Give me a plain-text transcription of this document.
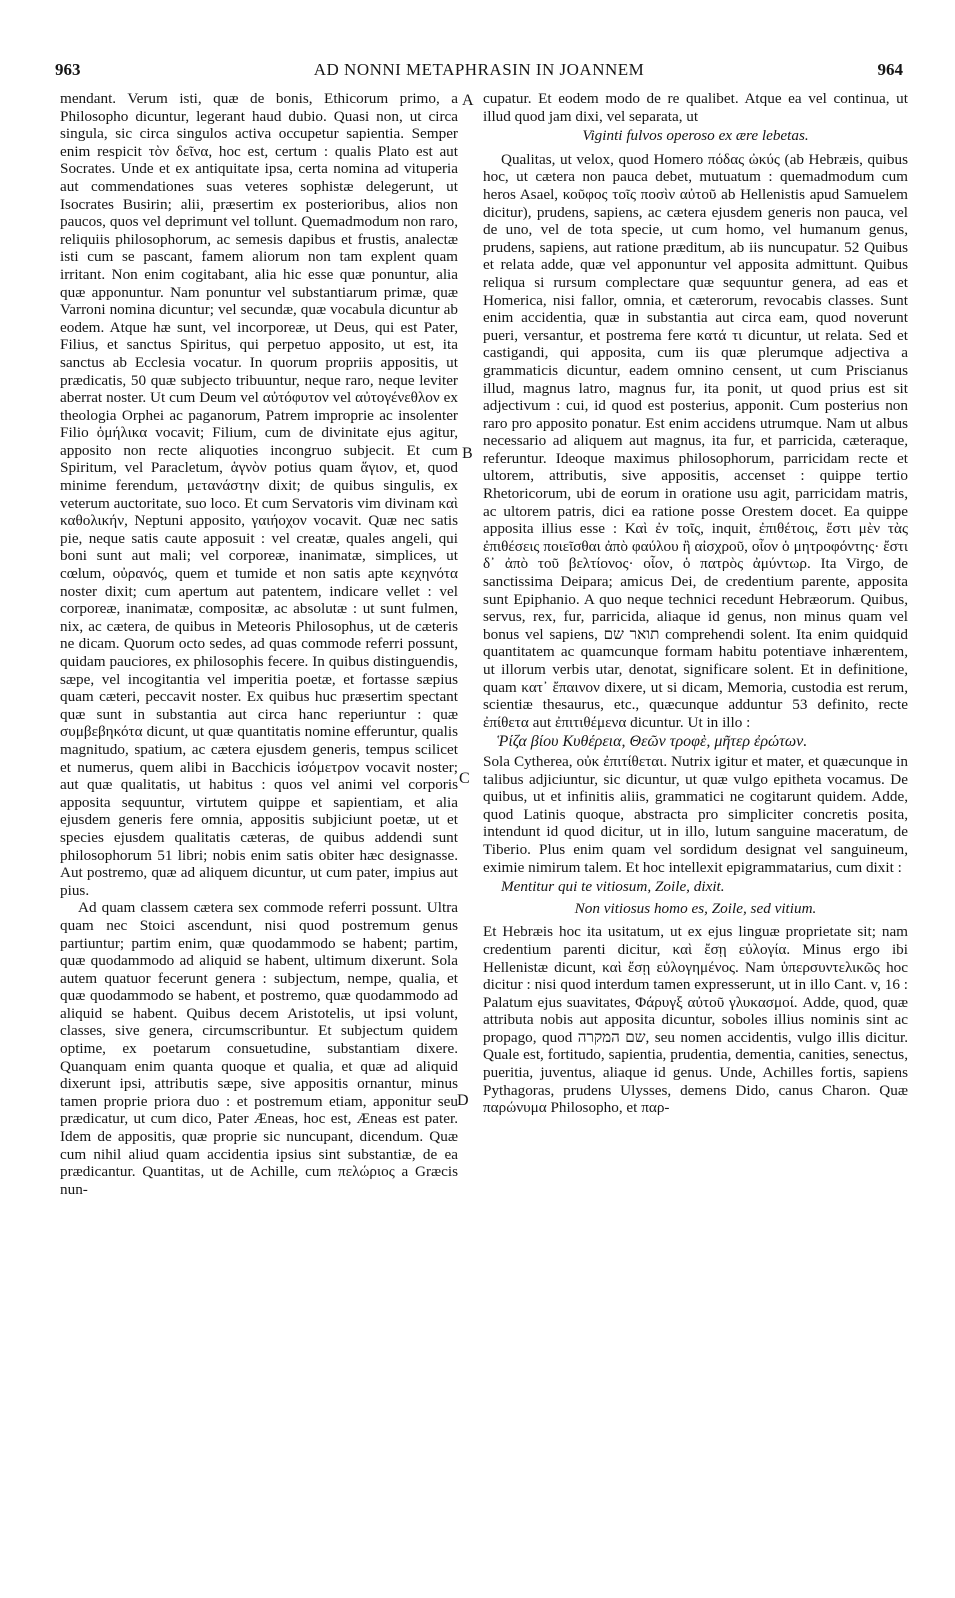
963	AD NONNI METAPHRASIN IN JOANNEM	964

mendant. Verum isti, quæ de bonis, Ethicorum primo, a Philosopho dicuntur, legerant haud dubio. Quasi non, ut circa singula, sic circa singulos activa occupetur sapientia. Semper enim respicit τὸν δεῖνα, hoc est, certum : qualis Plato est aut Socrates. Unde et ex antiquitate ipsa, certa nomina ad vituperia aut commendationes suas veteres sophistæ delegerunt, ut Isocrates Busirin; alii, præsertim ex posterioribus, alios non paucos, quos vel deprimunt vel tollunt. Quemadmodum non raro, reliquiis philosophorum, ac semesis dapibus et frustis, analectæ isti cum se pascant, famem aliorum non tam explent quam irritant. Non enim cogitabant, alia hic esse quæ ponuntur, alia quæ apponuntur. Nam ponuntur vel substantiarum primæ, quæ Varroni nomina dicuntur; vel secundæ, quæ vocabula dicuntur ab eodem. Atque hæ sunt, vel incorporeæ, ut Deus, qui est Pater, Filius, et sanctus Spiritus, qui perpetuo apposito, ut est, ita sanctus ab Ecclesia vocatur. In quorum propriis appositis, ut prædicatis, 50 quæ subjecto tribuuntur, neque raro, neque leviter aberrat noster. Ut cum Deum vel αὐτόφυτον vel αὐτογένεθλον ex theologia Orphei ac paganorum, Patrem improprie ac insolenter Filio ὁμήλικα vocavit; Filium, cum de divinitate ejus agitur, apposito non recte aliquoties incongruo subjecit. Et cum Spiritum, vel Paracletum, ἁγνὸν potius quam ἅγιον, et, quod minime ferendum, μετανάστην dixit; de quibus singulis, ex veterum auctoritate, suo loco. Et cum Servatoris vim divinam καὶ καθολικήν, Neptuni apposito, γαιήοχον vocavit. Quæ nec satis pie, neque satis caute apposuit : vel creatæ, quales angeli, qui boni sunt aut mali; vel corporeæ, inanimatæ, simplices, ut cœlum, οὐρανός, quem et tumide et non satis apte κεχηνότα noster dixit; cum apertum aut patentem, indicare vellet : vel corporeæ, inanimatæ, compositæ, ac absolutæ : ut sunt fulmen, nix, ac cætera, de quibus in Meteoris Philosophus, ut de cæteris ne dicam. Quorum octo sedes, ad quas commode referri possunt, quidam pauciores, ex philosophis fecere. In quibus distinguendis, sæpe, vel incogitantia vel imperitia poetæ, et fortasse sæpius quam cæteri, peccavit noster. Ex quibus huc præsertim spectant quæ sunt in substantia aut circa hanc reperiuntur : quæ συμβεβηκότα dicunt, ut quæ quantitatis nomine efferuntur, qualis magnitudo, spatium, ac cætera ejusdem generis, tempus scilicet et numerus, quem alibi in Bacchicis ἰσόμετρον vocavit noster; aut quæ qualitatis, ut habitus : quos vel animi vel corporis apposita sequuntur, virtutem quippe et sapientiam, et alia ejusdem generis fere omnia, appositis subjiciunt poetæ, ut et species ejusdem qualitatis cæteras, de quibus addendi sunt philosophorum 51 libri; nobis enim satis obiter hæc designasse. Aut postremo, quæ ad aliquem dicuntur, ut cum pater, impius aut pius.

Ad quam classem cætera sex commode referri possunt. Ultra quam nec Stoici ascendunt, nisi quod postremum genus partiuntur; partim enim, quæ quodammodo se habent; partim, quæ quodammodo ad aliquid se habent, ultimum dixerunt. Sola autem quatuor fecerunt genera : subjectum, nempe, qualia, et quæ quodammodo se habent, et postremo, quæ quodammodo ad aliquid se habent. Quibus decem Aristotelis, ut ipsi volunt, classes, sive genera, circumscribuntur. Et subjectum quidem optime, ex poetarum consuetudine, substantiam dixere. Quanquam enim quanta quoque et qualia, et quæ ad aliquid dixerunt ipsi, attributis sæpe, sive appositis ornantur, minus tamen proprie priora duo : et postremum etiam, apponitur seu prædicatur, ut cum dico, Pater Æneas, hoc est, Æneas est pater. Idem de appositis, quæ proprie sic nuncupant, dicendum. Quæ cum nihil aliud quam accidentia ipsius sint substantiæ, de ea prædicantur. Quantitas, ut de Achille, cum πελώριος a Græcis nun-

A
B
C
D

cupatur. Et eodem modo de re qualibet. Atque ea vel continua, ut illud quod jam dixi, vel separata, ut

Viginti fulvos operoso ex ære lebetas.

Qualitas, ut velox, quod Homero πόδας ὠκύς (ab Hebræis, quibus hoc, ut cætera non pauca debet, mutuatum : quemadmodum cum heros Asael, κοῦφος τοῖς ποσὶν αὐτοῦ ab Hellenistis apud Samuelem dicitur), prudens, sapiens, ac cætera ejusdem generis non pauca, vel de uno, vel de tota specie, ut cum homo, vel humanum genus, prudens, sapiens, aut ratione præditum, ab iis nuncupatur. 52 Quibus et relata adde, quæ vel apponuntur vel apposita admittunt. Quibus reliqua si rursum complectare quæ sequuntur genera, ad eas et Homerica, nisi fallor, omnia, et cæterorum, revocabis classes. Sunt enim accidentia, quæ in substantia aut circa eam, quod noverunt pueri, versantur, et postrema fere κατά τι dicuntur, ut relata. Sed et castigandi, qui apposita, cum iis quæ plerumque adjectiva a grammaticis dicuntur, eadem omnino censent, ut cum Priscianus illud, magnus latro, magnus fur, ita ponit, ut quod prius est sit adjectivum : cui, id quod est posterius, apponit. Cum posterius non raro pro apposito ponatur. Est enim accidens utrumque. Nam ut albus necessario ad aliquem aut magnus, ita fur, et parricida, cæteraque, referuntur. Ideoque maximus philosophorum, parricidam recte et ultorem, attributis, sive appositis, accenset : quippe tertio Rhetoricorum, ubi de eorum in oratione usu agit, parricidam matris, ac ultorem patris, dici ea ratione posse Orestem docet. Ea quippe apposita illius esse : Καὶ ἐν τοῖς, inquit, ἐπιθέτοις, ἔστι μὲν τὰς ἐπιθέσεις ποιεῖσθαι ἀπὸ φαύλου ἢ αἰσχροῦ, οἷον ὁ μητροφόντης· ἔστι δ᾽ ἀπὸ τοῦ βελτίονος· οἷον, ὁ πατρὸς ἀμύντωρ. Ita Virgo, de sanctissima Deipara; amicus Dei, de credentium parente, apposita sunt Epiphanio. A quo neque technici recedunt Hebræorum. Quibus, servus, rex, fur, parricida, aliaque id genus, non minus quam vel bonus vel sapiens, תואר שם comprehendi solent. Ita enim quidquid quantitatem ac quamcunque formam habitu potentiave inhærentem, ut illorum verbis utar, denotat, significare solent. Et in definitione, quam κατ᾽ ἔπαινον dixere, ut si dicam, Memoria, custodia est rerum, scientiæ thesaurus, etc., quæcunque adduntur 53 definito, recte ἐπίθετα aut ἐπιτιθέμενα dicuntur. Ut in illo :

Ῥίζα βίου Κυθέρεια, Θεῶν τροφὲ, μῆτερ ἐρώτων.

Sola Cytherea, οὐκ ἐπιτίθεται. Nutrix igitur et mater, et quæcunque in talibus adjiciuntur, sic dicuntur, ut quæ vulgo epitheta vocamus. De quibus, ut et infinitis aliis, grammatici ne cogitarunt quidem. Adde, quod Latinis quoque, abstracta pro simpliciter concretis posita, intendunt id quod dicitur, ut in illo, lutum sanguine maceratum, de Tiberio. Plus enim quam vel sordidum designat vel sanguineum, eximie nimirum talem. Et hoc intellexit epigrammatarius, cum dixit :

Mentitur qui te vitiosum, Zoile, dixit.

Non vitiosus homo es, Zoile, sed vitium.

Et Hebræis hoc ita usitatum, ut ex ejus linguæ proprietate sit; nam credentium parenti dicitur, καὶ ἔσῃ εὐλογία. Minus ergo ibi Hellenistæ dicunt, καὶ ἔσῃ εὐλογημένος. Nam ὑπερσυντελικῶς hoc dicitur : nisi quod interdum tamen expresserunt, ut in illo Cant. v, 16 : Palatum ejus suavitates, Φάρυγξ αὐτοῦ γλυκασμοί. Adde, quod, quæ attributa nobis aut apposita dicuntur, soboles illius nominis sint ac propago, quod שם המקרה, seu nomen accidentis, vulgo illis dicitur. Quale est, fortitudo, sapientia, prudentia, dementia, canities, senectus, pueritia, juventus, aliaque id genus. Unde, Achilles fortis, sapiens Pythagoras, prudens Ulysses, demens Dido, canus Charon. Quæ παρώνυμα Philosopho, et παρ-
